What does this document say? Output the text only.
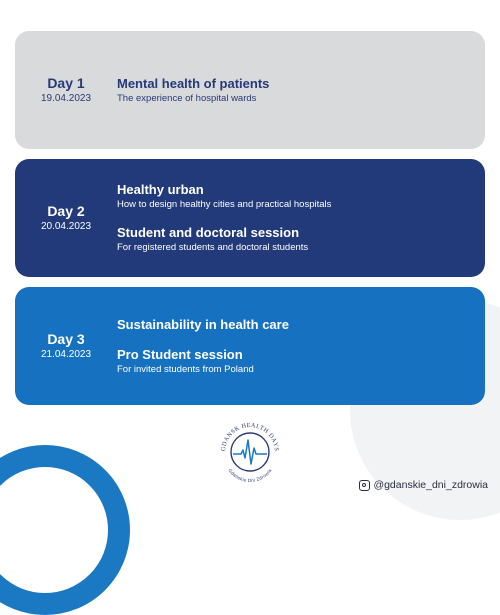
Day 1
19.04.2023
Mental health of patients
The experience of hospital wards
Day 2
20.04.2023
Healthy urban
How to design healthy cities and practical hospitals
Student and doctoral session
For registered students and doctoral students
Day 3
21.04.2023
Sustainability in health care
Pro Student session
For invited students from Poland
GDANSK HEALTH DAYS
Gdańskie Dni Zdrowia
@gdanskie_dni_zdrowia
